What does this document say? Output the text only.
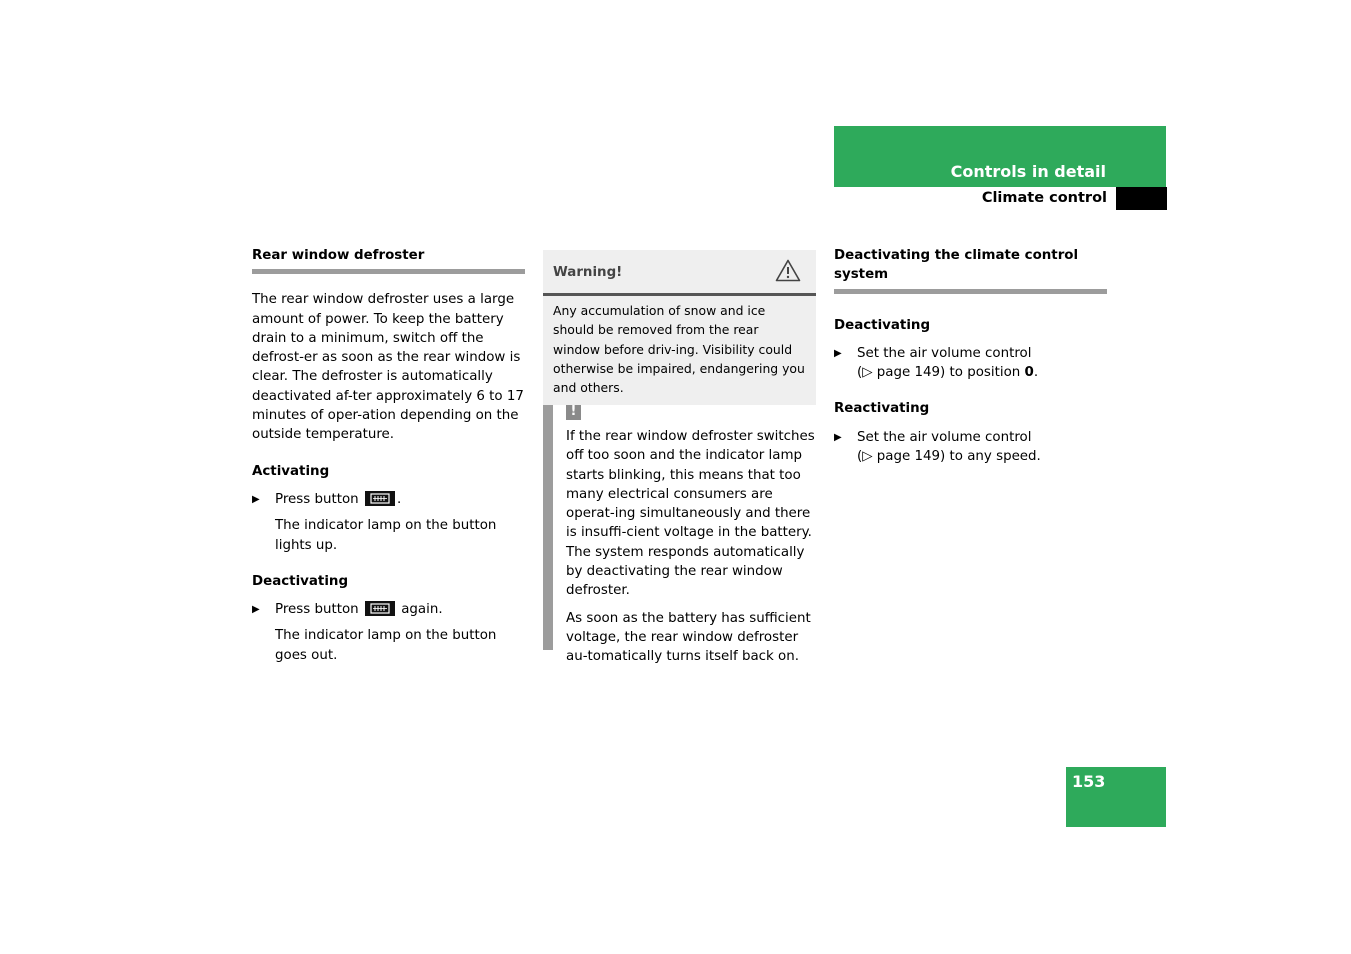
Controls in detail
Climate control
Rear window defroster

The rear window defroster uses a large amount of power. To keep the battery drain to a minimum, switch off the defrost-er as soon as the rear window is clear. The defroster is automatically deactivated af-ter approximately 6 to 17 minutes of oper-ation depending on the outside temperature.

Activating
▶	Press button	.

The indicator lamp on the button lights up.

Deactivating
▶	Press button	again.

The indicator lamp on the button goes out.

Warning!
Any accumulation of snow and ice should be removed from the rear window before driv-ing. Visibility could otherwise be impaired, endangering you and others.
!

If the rear window defroster switches off too soon and the indicator lamp starts blinking, this means that too many electrical consumers are operat-ing simultaneously and there is insuffi-cient voltage in the battery. The system responds automatically by deactivating the rear window defroster.

As soon as the battery has sufficient voltage, the rear window defroster au-tomatically turns itself back on.

Deactivating the climate control system
Deactivating
▶	Set the air volume control
(▷ page 149) to position 0.
Reactivating
▶	Set the air volume control
(▷ page 149) to any speed.
153
